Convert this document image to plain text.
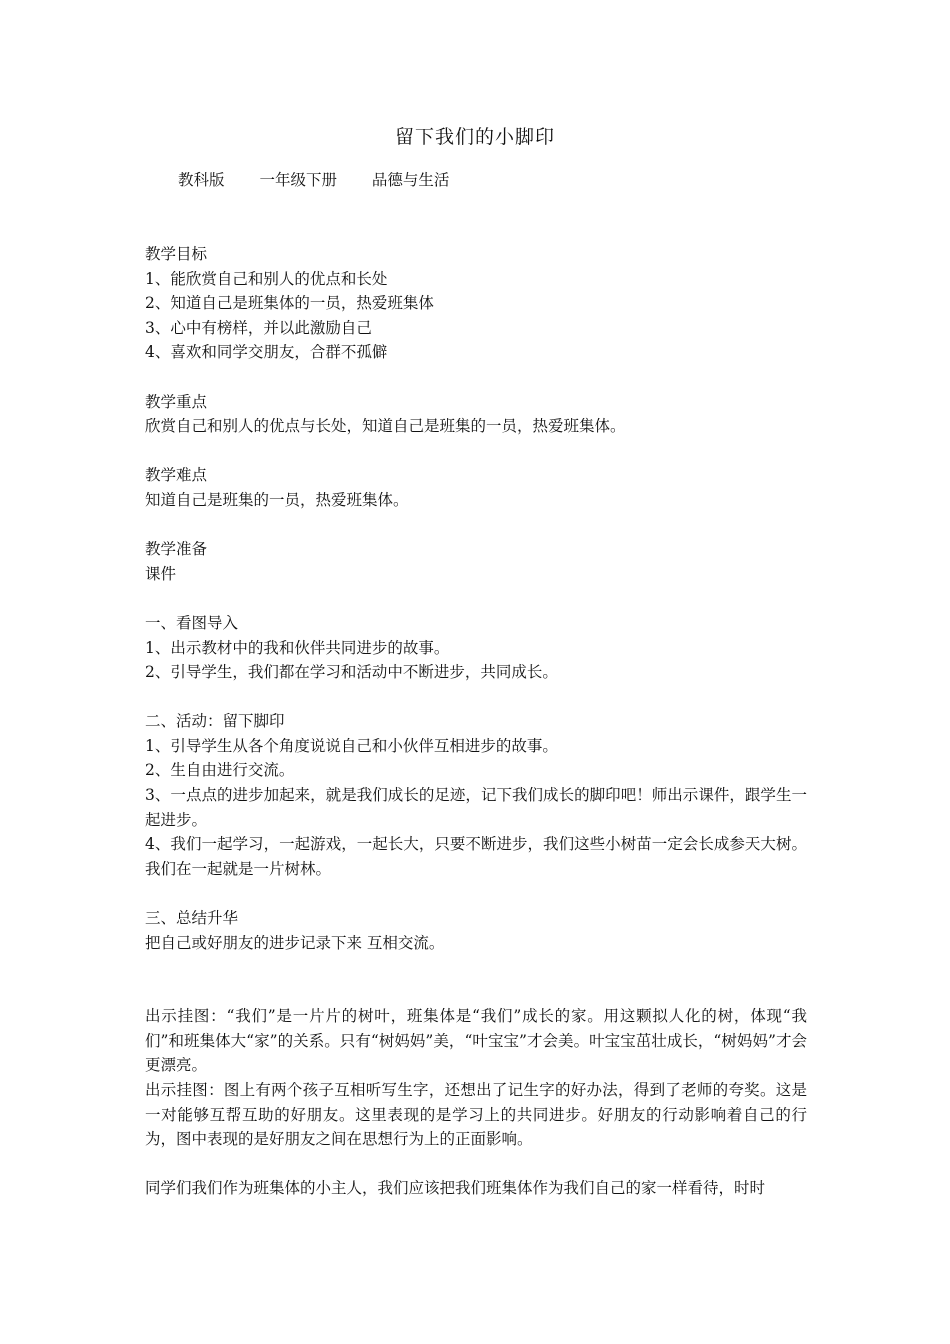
留下我们的小脚印
教科版 一年级下册 品德与生活

教学目标

1、能欣赏自己和别人的优点和长处

2、知道自己是班集体的一员，热爱班集体

3、心中有榜样，并以此激励自己

4、喜欢和同学交朋友，合群不孤僻

教学重点

欣赏自己和别人的优点与长处，知道自己是班集的一员，热爱班集体。

教学难点

知道自己是班集的一员，热爱班集体。

教学准备

课件

一、看图导入

1、出示教材中的我和伙伴共同进步的故事。

2、引导学生，我们都在学习和活动中不断进步，共同成长。

二、活动：留下脚印

1、引导学生从各个角度说说自己和小伙伴互相进步的故事。

2、生自由进行交流。

3、一点点的进步加起来，就是我们成长的足迹，记下我们成长的脚印吧！师出示课件，跟学生一起进步。

4、我们一起学习，一起游戏，一起长大，只要不断进步，我们这些小树苗一定会长成参天大树。我们在一起就是一片树林。

三、总结升华

把自己或好朋友的进步记录下来 互相交流。

出示挂图：“我们”是一片片的树叶，班集体是“我们”成长的家。用这颗拟人化的树，体现“我们”和班集体大“家”的关系。只有“树妈妈”美，“叶宝宝”才会美。叶宝宝茁壮成长，“树妈妈”才会更漂亮。

出示挂图：图上有两个孩子互相听写生字，还想出了记生字的好办法，得到了老师的夸奖。这是一对能够互帮互助的好朋友。这里表现的是学习上的共同进步。好朋友的行动影响着自己的行为，图中表现的是好朋友之间在思想行为上的正面影响。

同学们我们作为班集体的小主人，我们应该把我们班集体作为我们自己的家一样看待，时时
